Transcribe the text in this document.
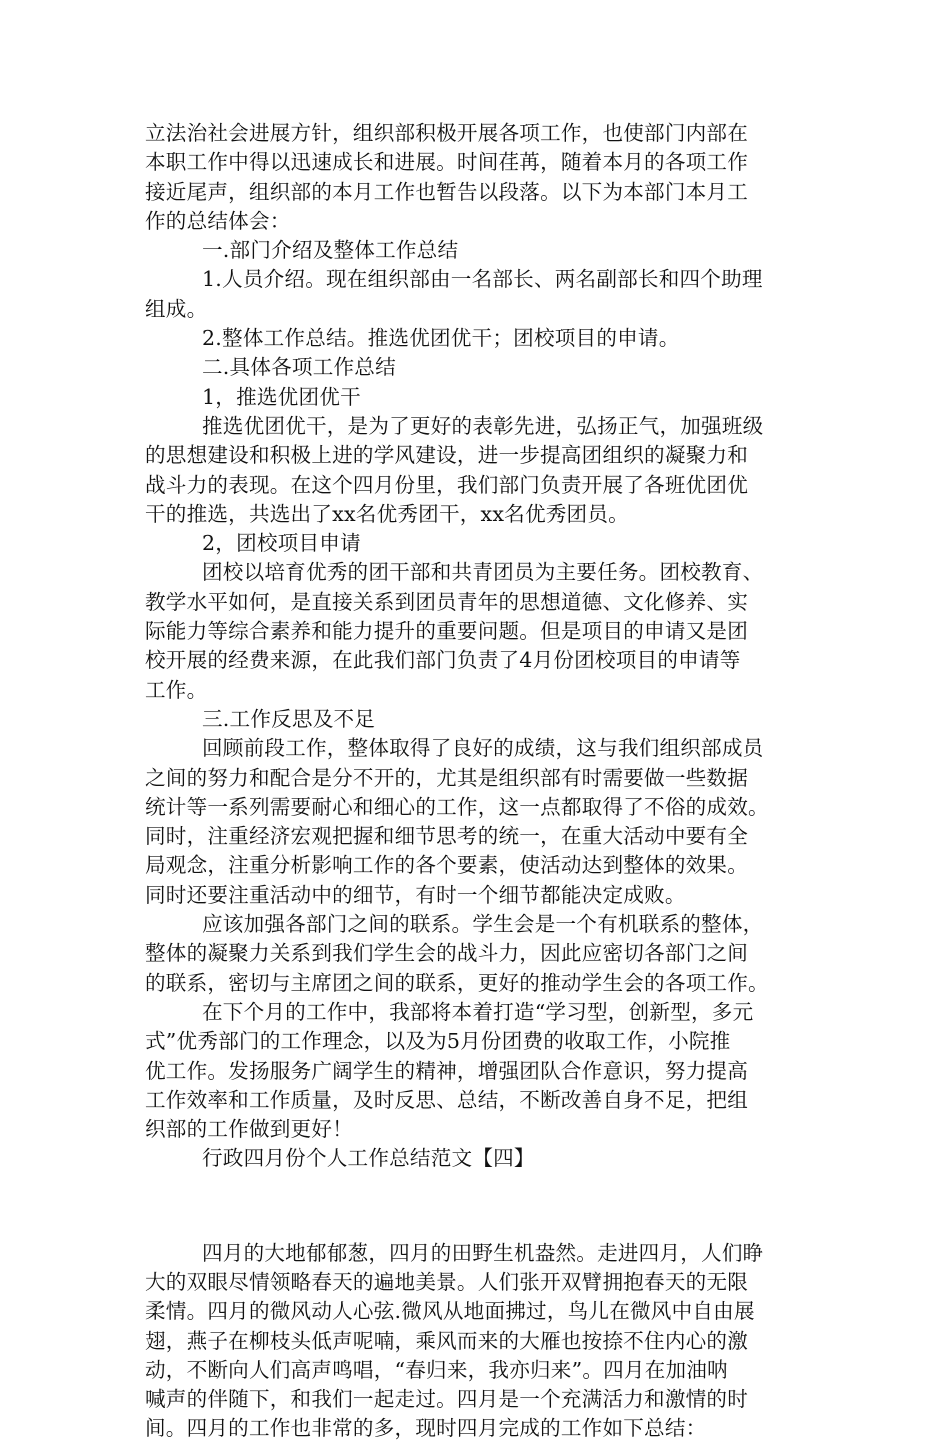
立法治社会进展方针，组织部积极开展各项工作，也使部门内部在

本职工作中得以迅速成长和进展。时间荏苒，随着本月的各项工作

接近尾声，组织部的本月工作也暂告以段落。以下为本部门本月工

作的总结体会：

一.部门介绍及整体工作总结

1.人员介绍。现在组织部由一名部长、两名副部长和四个助理

组成。

2.整体工作总结。推选优团优干；团校项目的申请。

二.具体各项工作总结

1，推选优团优干

推选优团优干，是为了更好的表彰先进，弘扬正气，加强班级

的思想建设和积极上进的学风建设，进一步提高团组织的凝聚力和

战斗力的表现。在这个四月份里，我们部门负责开展了各班优团优

干的推选，共选出了xx名优秀团干，xx名优秀团员。

2，团校项目申请

团校以培育优秀的团干部和共青团员为主要任务。团校教育、

教学水平如何，是直接关系到团员青年的思想道德、文化修养、实

际能力等综合素养和能力提升的重要问题。但是项目的申请又是团

校开展的经费来源，在此我们部门负责了4月份团校项目的申请等

工作。

三.工作反思及不足

回顾前段工作，整体取得了良好的成绩，这与我们组织部成员

之间的努力和配合是分不开的，尤其是组织部有时需要做一些数据

统计等一系列需要耐心和细心的工作，这一点都取得了不俗的成效。

同时，注重经济宏观把握和细节思考的统一，在重大活动中要有全

局观念，注重分析影响工作的各个要素，使活动达到整体的效果。

同时还要注重活动中的细节，有时一个细节都能决定成败。

应该加强各部门之间的联系。学生会是一个有机联系的整体，

整体的凝聚力关系到我们学生会的战斗力，因此应密切各部门之间

的联系，密切与主席团之间的联系，更好的推动学生会的各项工作。

在下个月的工作中，我部将本着打造“学习型，创新型，多元

式”优秀部门的工作理念，以及为5月份团费的收取工作，小院推

优工作。发扬服务广阔学生的精神，增强团队合作意识，努力提高

工作效率和工作质量，及时反思、总结，不断改善自身不足，把组

织部的工作做到更好！

行政四月份个人工作总结范文【四】

四月的大地郁郁葱，四月的田野生机盎然。走进四月，人们睁

大的双眼尽情领略春天的遍地美景。人们张开双臂拥抱春天的无限

柔情。四月的微风动人心弦.微风从地面拂过，鸟儿在微风中自由展

翅，燕子在柳枝头低声呢喃，乘风而来的大雁也按捺不住内心的激

动，不断向人们高声鸣唱，“春归来，我亦归来”。四月在加油呐

喊声的伴随下，和我们一起走过。四月是一个充满活力和激情的时

间。四月的工作也非常的多，现时四月完成的工作如下总结：
